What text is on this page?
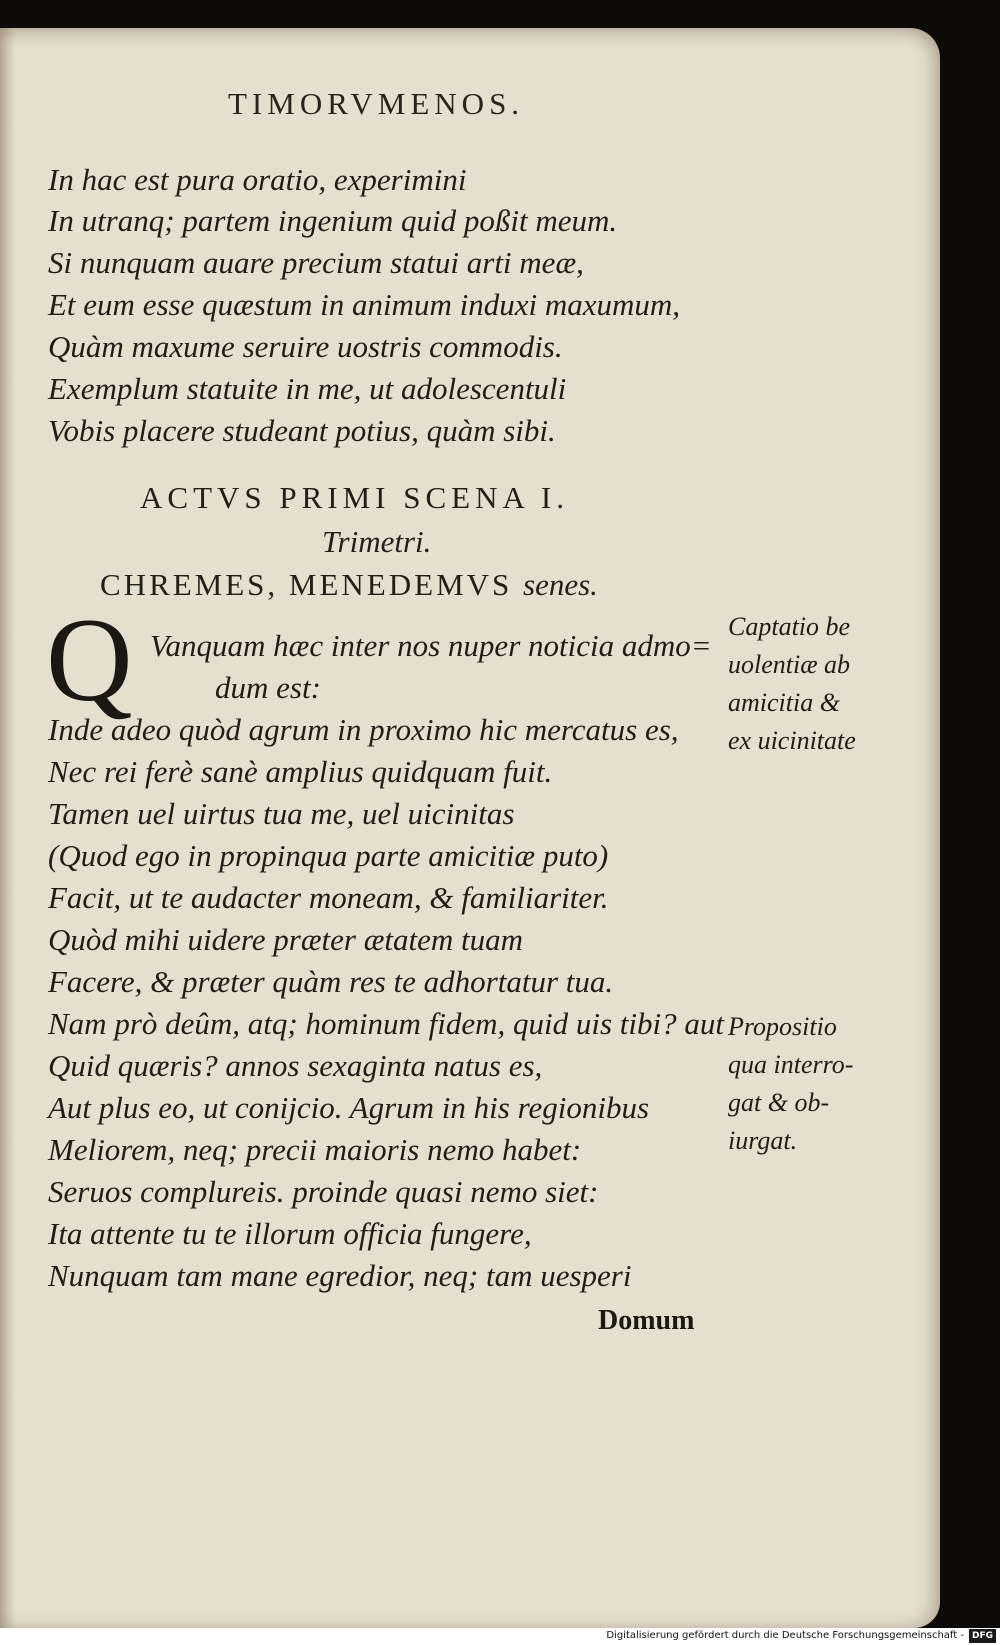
TIMORVMENOS.
In hac est pura oratio, experimini
In utranq; partem ingenium quid poßit meum.
Si nunquam auare precium statui arti meæ,
Et eum esse quæstum in animum induxi maxumum,
Quàm maxume seruire uostris commodis.
Exemplum statuite in me, ut adolescentuli
Vobis placere studeant potius, quàm sibi.
ACTVS PRIMI SCENA I.
Trimetri.
CHREMES, MENEDEMVS senes.
Q Vanquam hæc inter nos nuper noticia admo=
dum est:
Inde adeo quòd agrum in proximo hic mercatus es,
Nec rei ferè sanè amplius quidquam fuit.
Tamen uel uirtus tua me, uel uicinitas
(Quod ego in propinqua parte amicitiæ puto)
Facit, ut te audacter moneam, & familiariter.
Quòd mihi uidere præter ætatem tuam
Facere, & præter quàm res te adhortatur tua.
Nam prò deûm, atq; hominum fidem, quid uis tibi? aut
Quid quæris? annos sexaginta natus es,
Aut plus eo, ut conijcio. Agrum in his regionibus
Meliorem, neq; precii maioris nemo habet:
Seruos complureis. proinde quasi nemo siet:
Ita attente tu te illorum officia fungere,
Nunquam tam mane egredior, neq; tam uesperi
Captatio be
uolentiæ ab
amicitia &
ex uicinitate
Propositio
qua interro-
gat & ob-
iurgat.
Domum
Digitalisierung gefördert durch die Deutsche Forschungsgemeinschaft - DFG
